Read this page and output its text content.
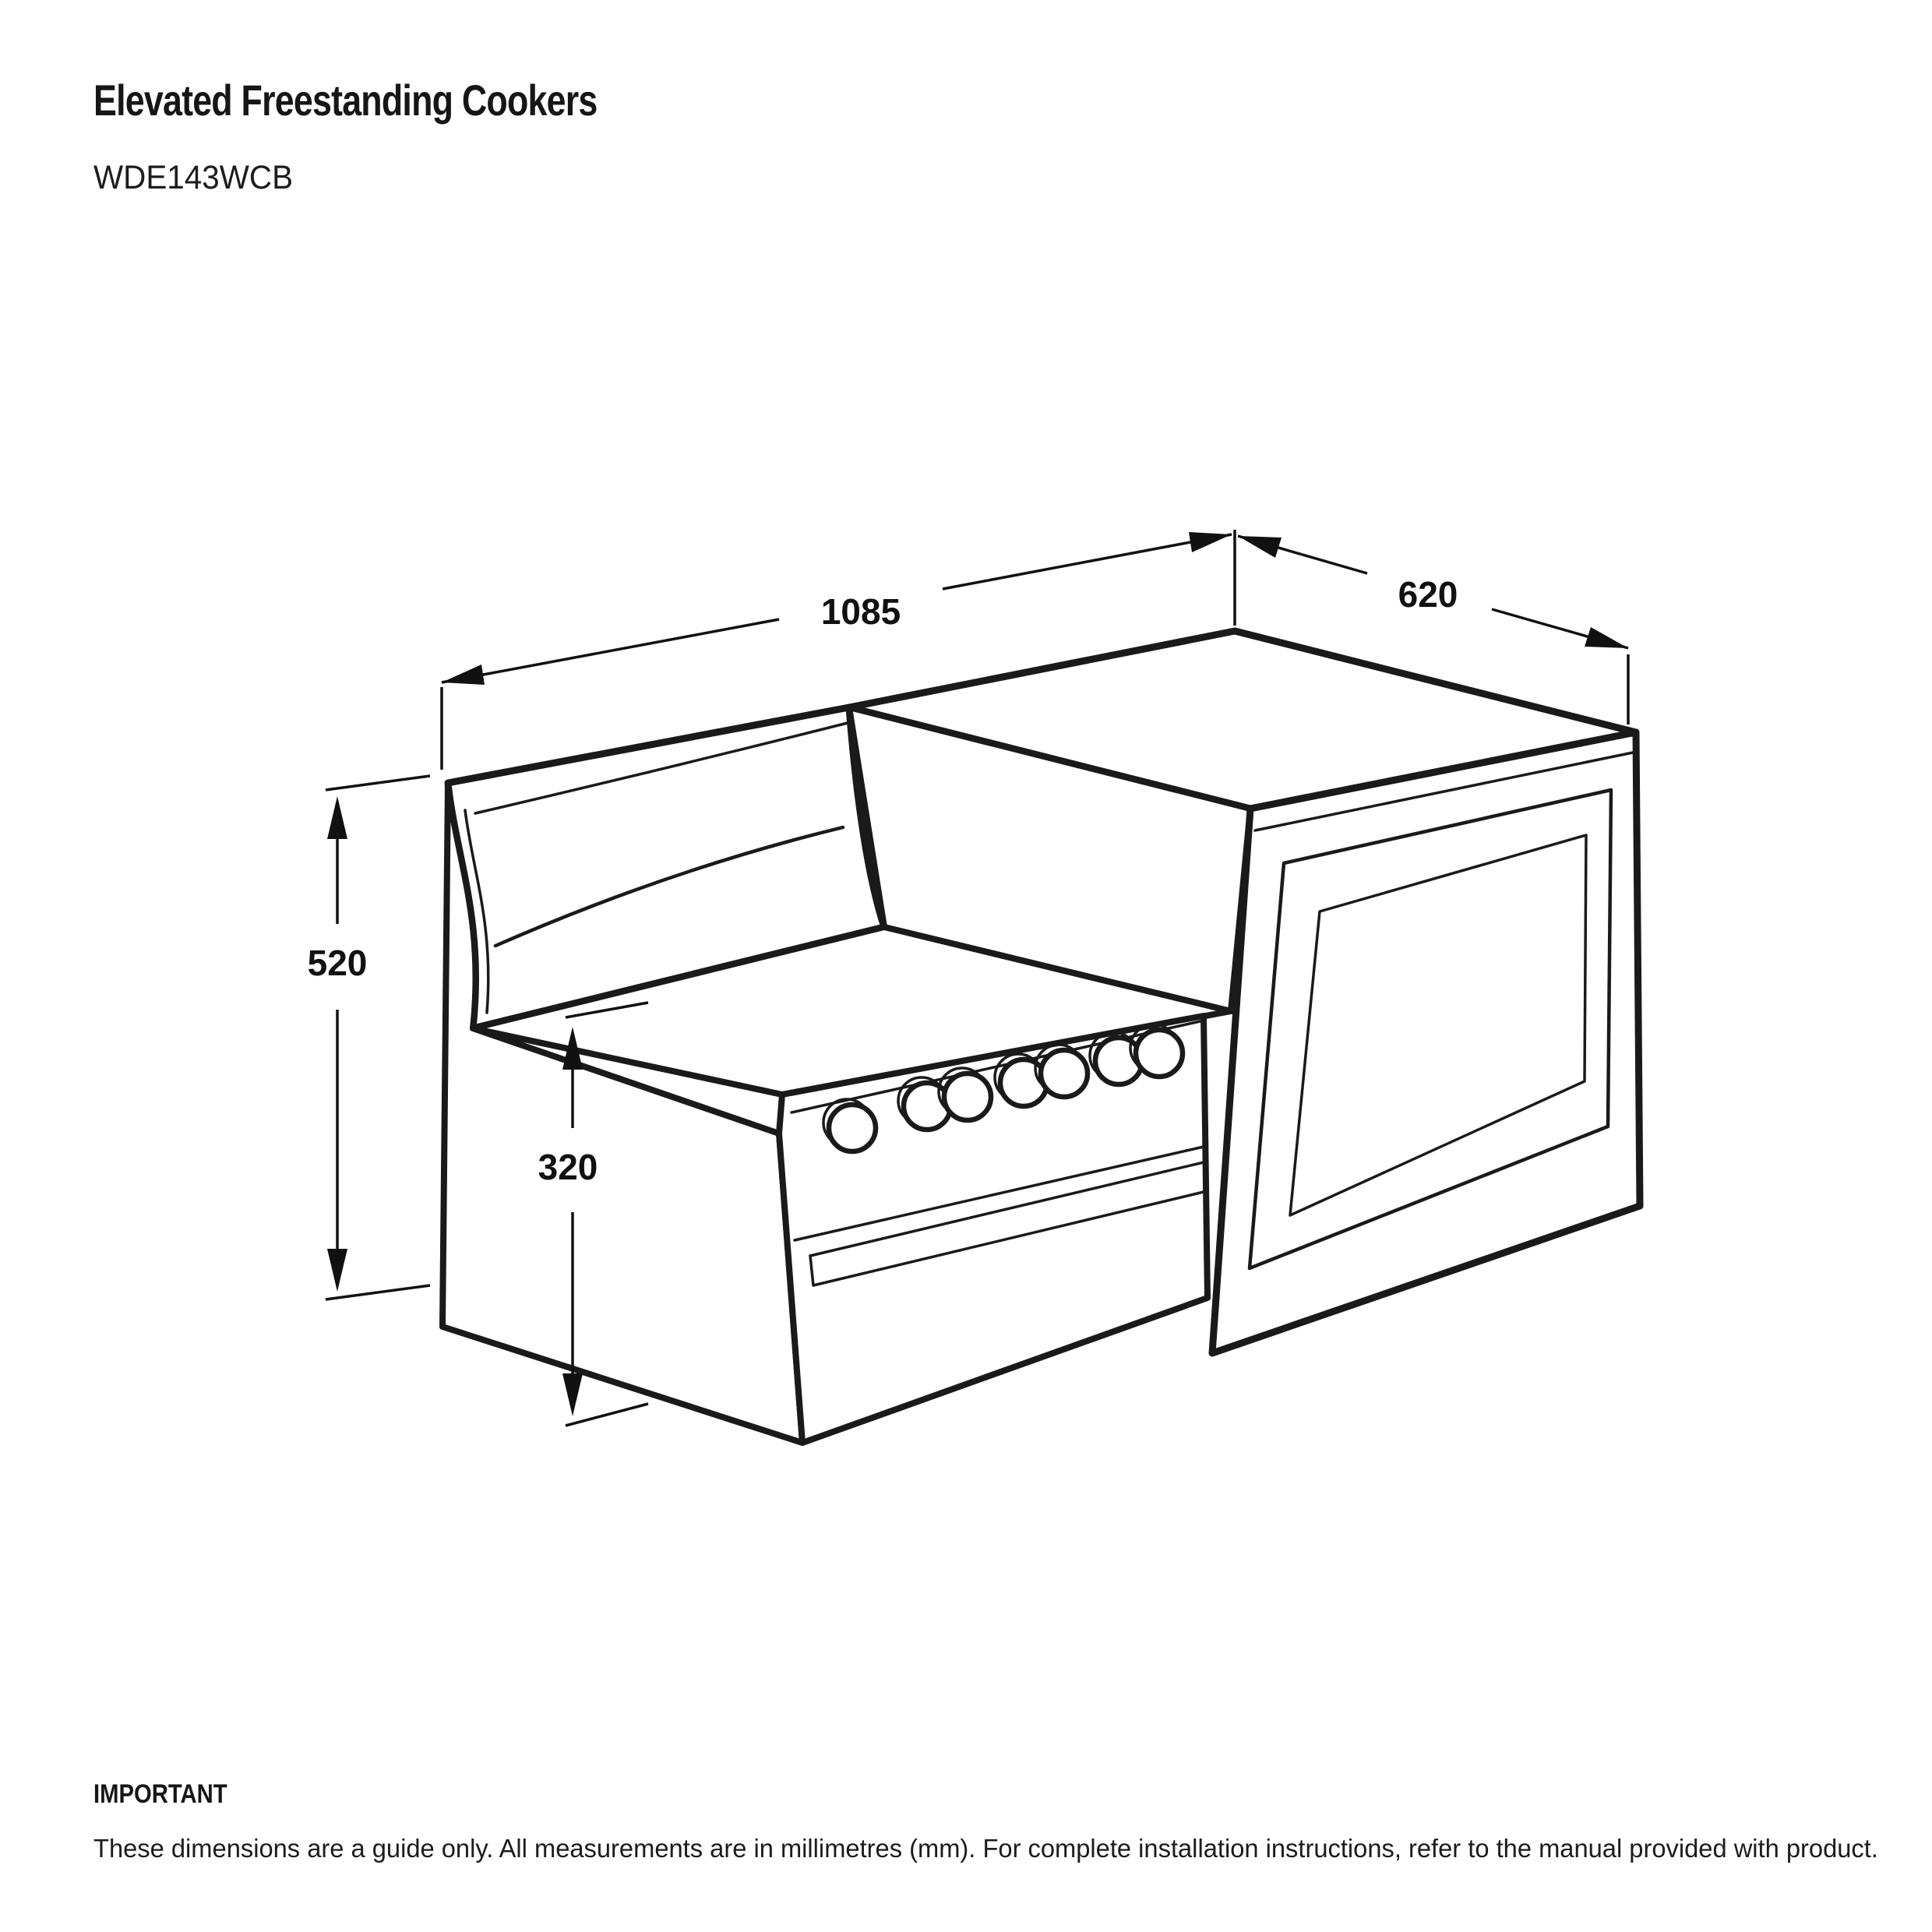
Elevated Freestanding Cookers
WDE143WCB
1085	620
520
320
IMPORTANT
These dimensions are a guide only. All measurements are in millimetres (mm). For complete installation instructions, refer to the manual provided with product.
